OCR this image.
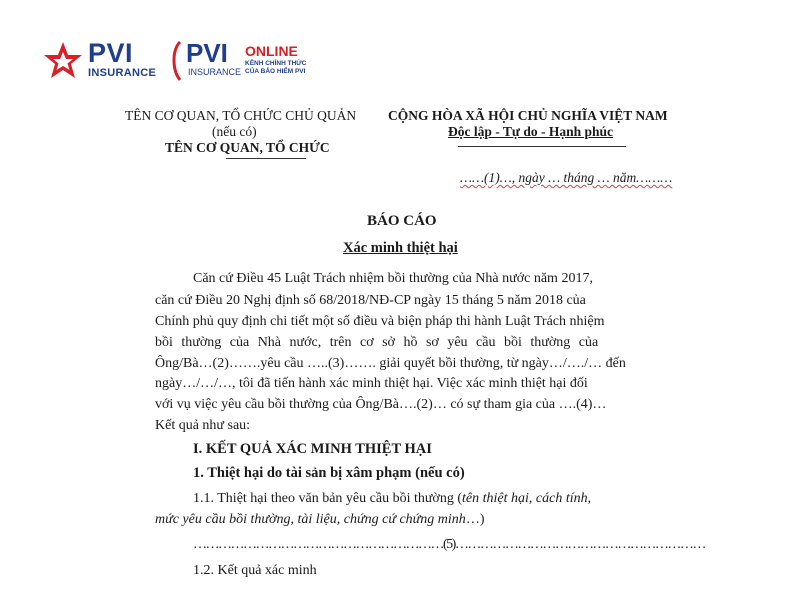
PVI
INSURANCE
PVI ONLINE
INSURANCE
KÊNH CHÍNH THỨC
CỦA BẢO HIỂM PVI
TÊN CƠ QUAN, TỔ CHỨC CHỦ QUẢN
(nếu có)
TÊN CƠ QUAN, TỔ CHỨC
CỘNG HÒA XÃ HỘI CHỦ NGHĨA VIỆT NAM
Độc lập - Tự do - Hạnh phúc
……(1)…, ngày … tháng … năm………
BÁO CÁO
Xác minh thiệt hại
Căn cứ Điều 45 Luật Trách nhiệm bồi thường của Nhà nước năm 2017,
căn cứ Điều 20 Nghị định số 68/2018/NĐ-CP ngày 15 tháng 5 năm 2018 của
Chính phủ quy định chi tiết một số điều và biện pháp thi hành Luật Trách nhiệm
bồi thường của Nhà nước, trên cơ sở hồ sơ yêu cầu bồi thường của
Ông/Bà…(2)…….yêu cầu …..(3)……. giải quyết bồi thường, từ ngày…/…./… đến
ngày…/…/…, tôi đã tiến hành xác minh thiệt hại. Việc xác minh thiệt hại đối
với vụ việc yêu cầu bồi thường của Ông/Bà….(2)… có sự tham gia của ….(4)…
Kết quả như sau:
I. KẾT QUẢ XÁC MINH THIỆT HẠI
1. Thiệt hại do tài sản bị xâm phạm (nếu có)
1.1. Thiệt hại theo văn bản yêu cầu bồi thường (tên thiệt hại, cách tính,
mức yêu cầu bồi thường, tài liệu, chứng cứ chứng minh…)
……………………………………………………(5)……………………………………………………
1.2. Kết quả xác minh
